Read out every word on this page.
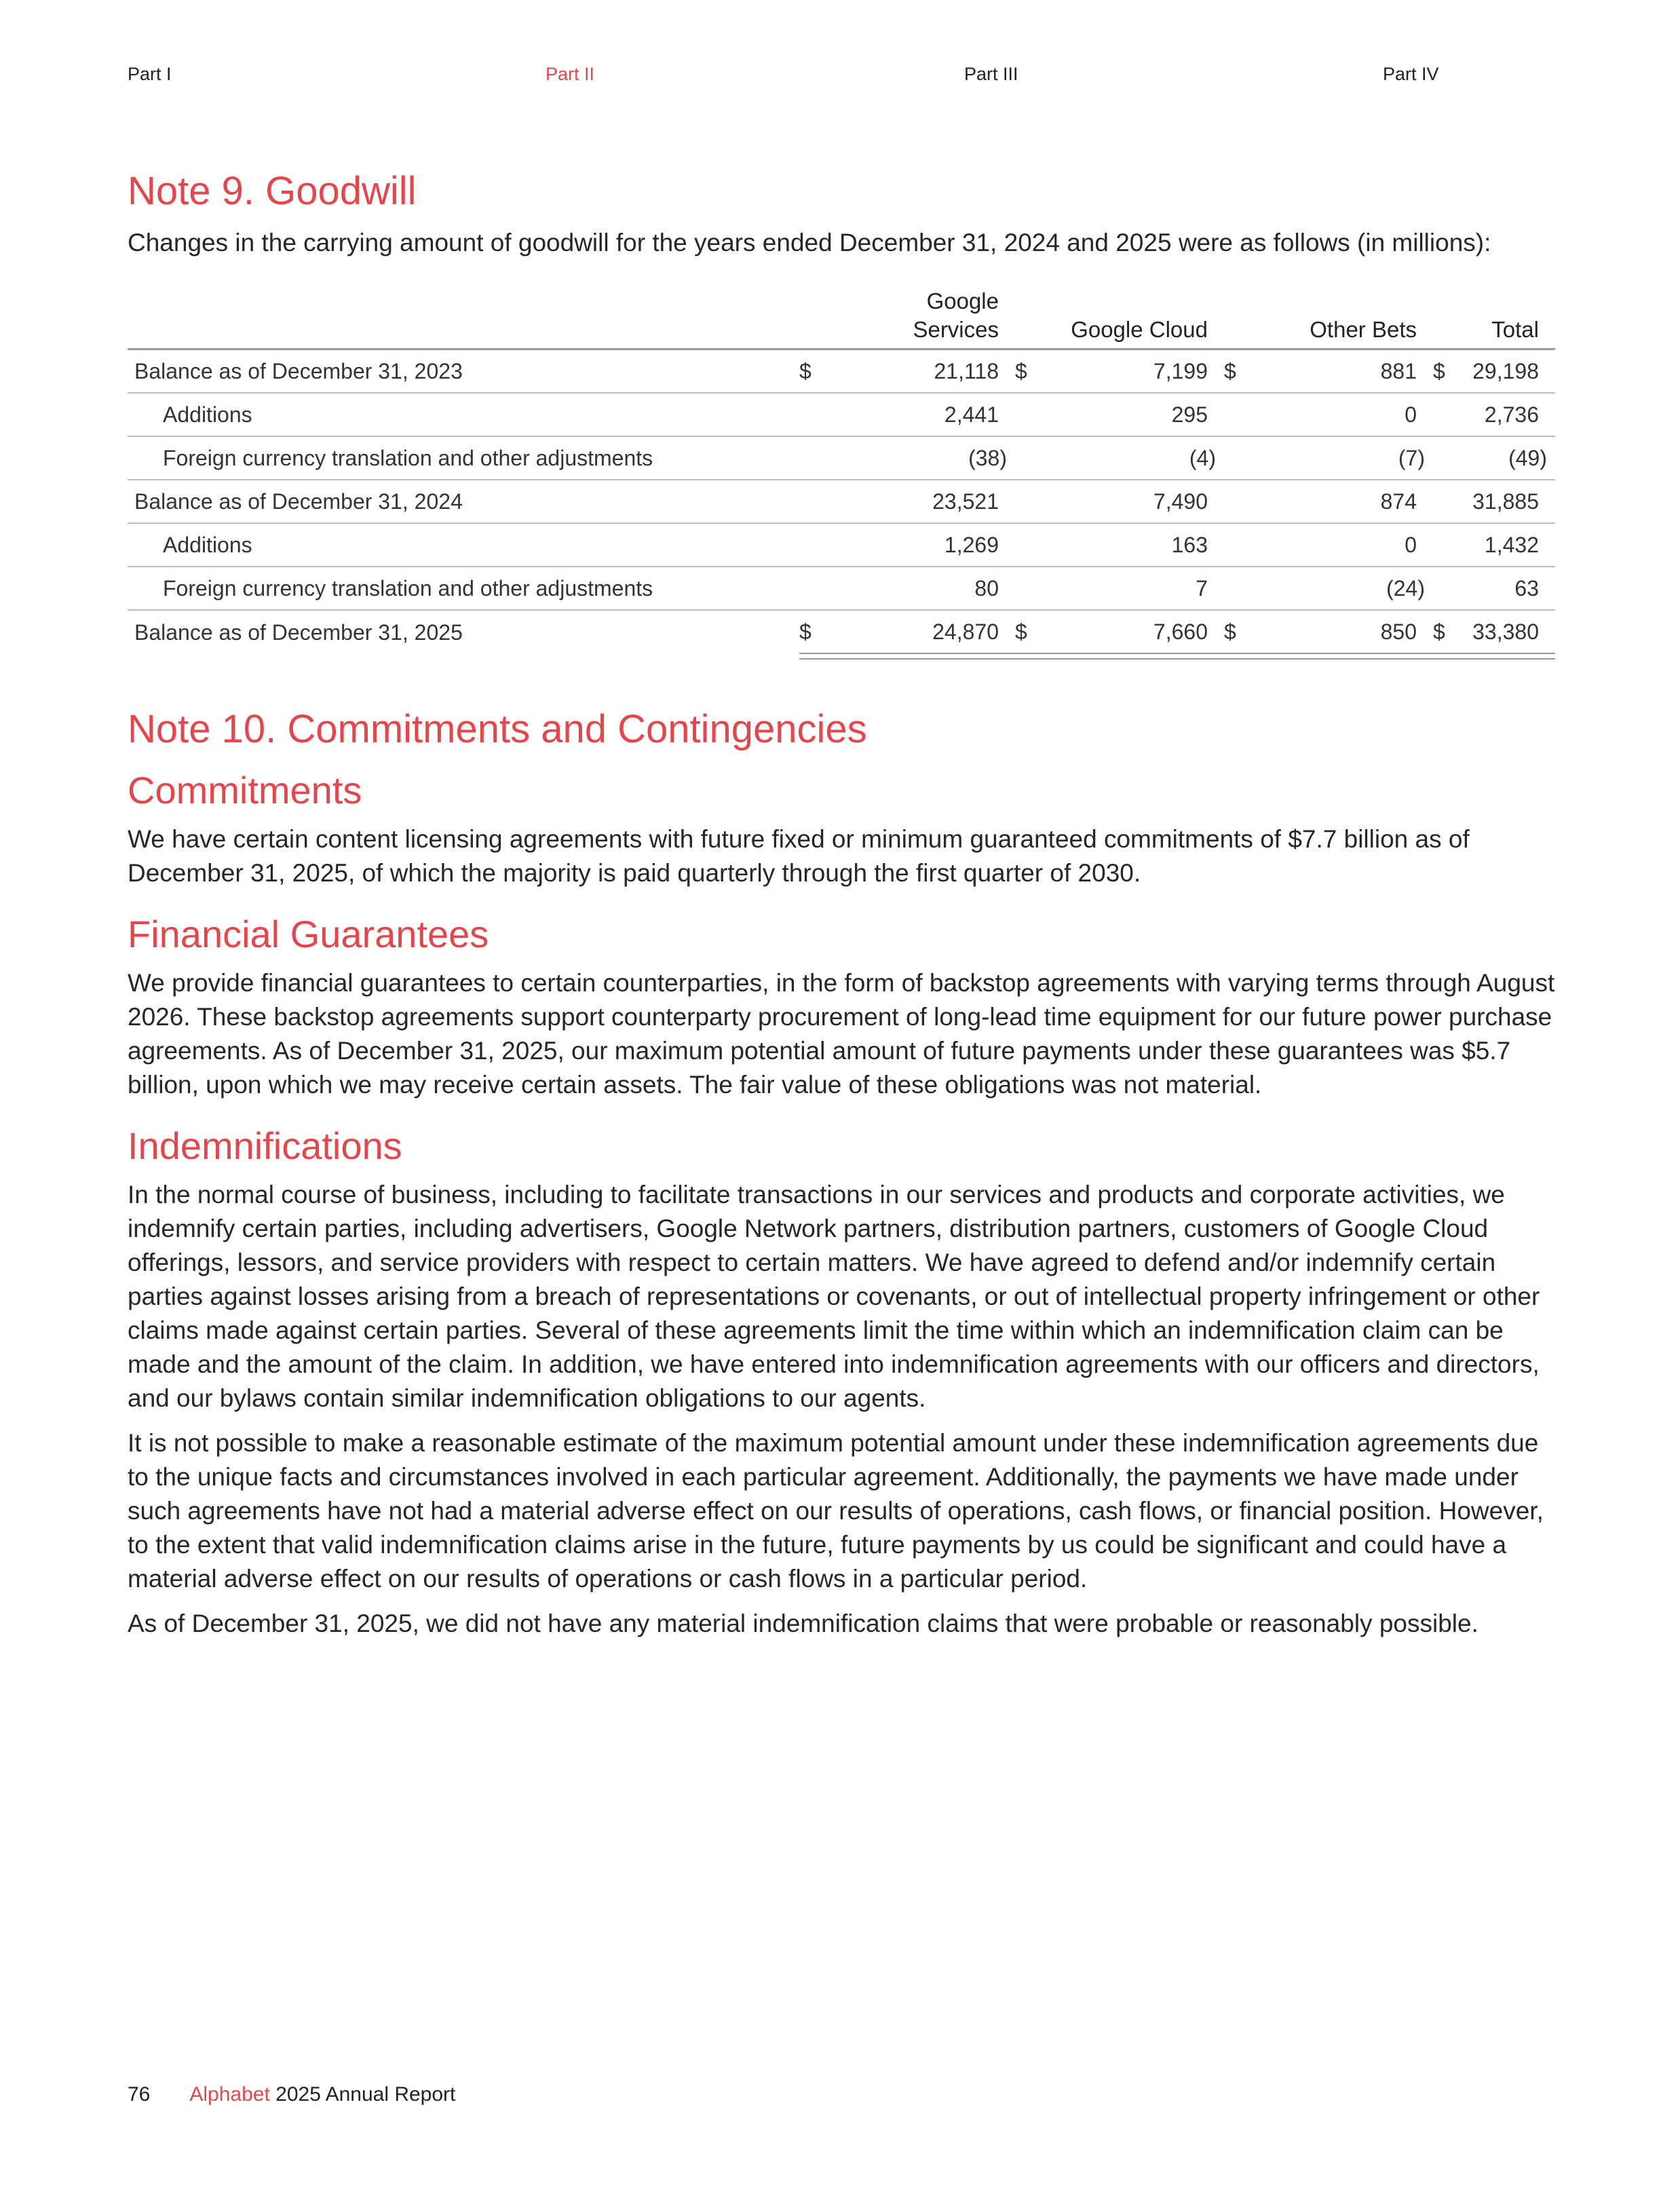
Part I	Part II	Part III	Part IV
Note 9. Goodwill

Changes in the carrying amount of goodwill for the years ended December 31, 2024 and 2025 were as follows (in millions):

	Google
Services		Google Cloud		Other Bets		Total	
Balance as of December 31, 2023	$	21,118	$	7,199	$	881	$	29,198
Additions		2,441		295		0		2,736
Foreign currency translation and other adjustments		(38)		(4)		(7)		(49)
Balance as of December 31, 2024		23,521		7,490		874		31,885
Additions		1,269		163		0		1,432
Foreign currency translation and other adjustments		80		7		(24)		63
Balance as of December 31, 2025	$	24,870	$	7,660	$	850	$	33,380

Note 10. Commitments and Contingencies
Commitments

We have certain content licensing agreements with future fixed or minimum guaranteed commitments of $7.7 billion as of December 31, 2025, of which the majority is paid quarterly through the first quarter of 2030.

Financial Guarantees

We provide financial guarantees to certain counterparties, in the form of backstop agreements with varying terms through August 2026. These backstop agreements support counterparty procurement of long-lead time equipment for our future power purchase agreements. As of December 31, 2025, our maximum potential amount of future payments under these guarantees was $5.7 billion, upon which we may receive certain assets. The fair value of these obligations was not material.

Indemnifications

In the normal course of business, including to facilitate transactions in our services and products and corporate activities, we indemnify certain parties, including advertisers, Google Network partners, distribution partners, customers of Google Cloud offerings, lessors, and service providers with respect to certain matters. We have agreed to defend and/or indemnify certain parties against losses arising from a breach of representations or covenants, or out of intellectual property infringement or other claims made against certain parties. Several of these agreements limit the time within which an indemnification claim can be made and the amount of the claim. In addition, we have entered into indemnification agreements with our officers and directors, and our bylaws contain similar indemnification obligations to our agents.

It is not possible to make a reasonable estimate of the maximum potential amount under these indemnification agreements due to the unique facts and circumstances involved in each particular agreement. Additionally, the payments we have made under such agreements have not had a material adverse effect on our results of operations, cash flows, or financial position. However, to the extent that valid indemnification claims arise in the future, future payments by us could be significant and could have a material adverse effect on our results of operations or cash flows in a particular period.

As of December 31, 2025, we did not have any material indemnification claims that were probable or reasonably possible.

76 Alphabet 2025 Annual Report
